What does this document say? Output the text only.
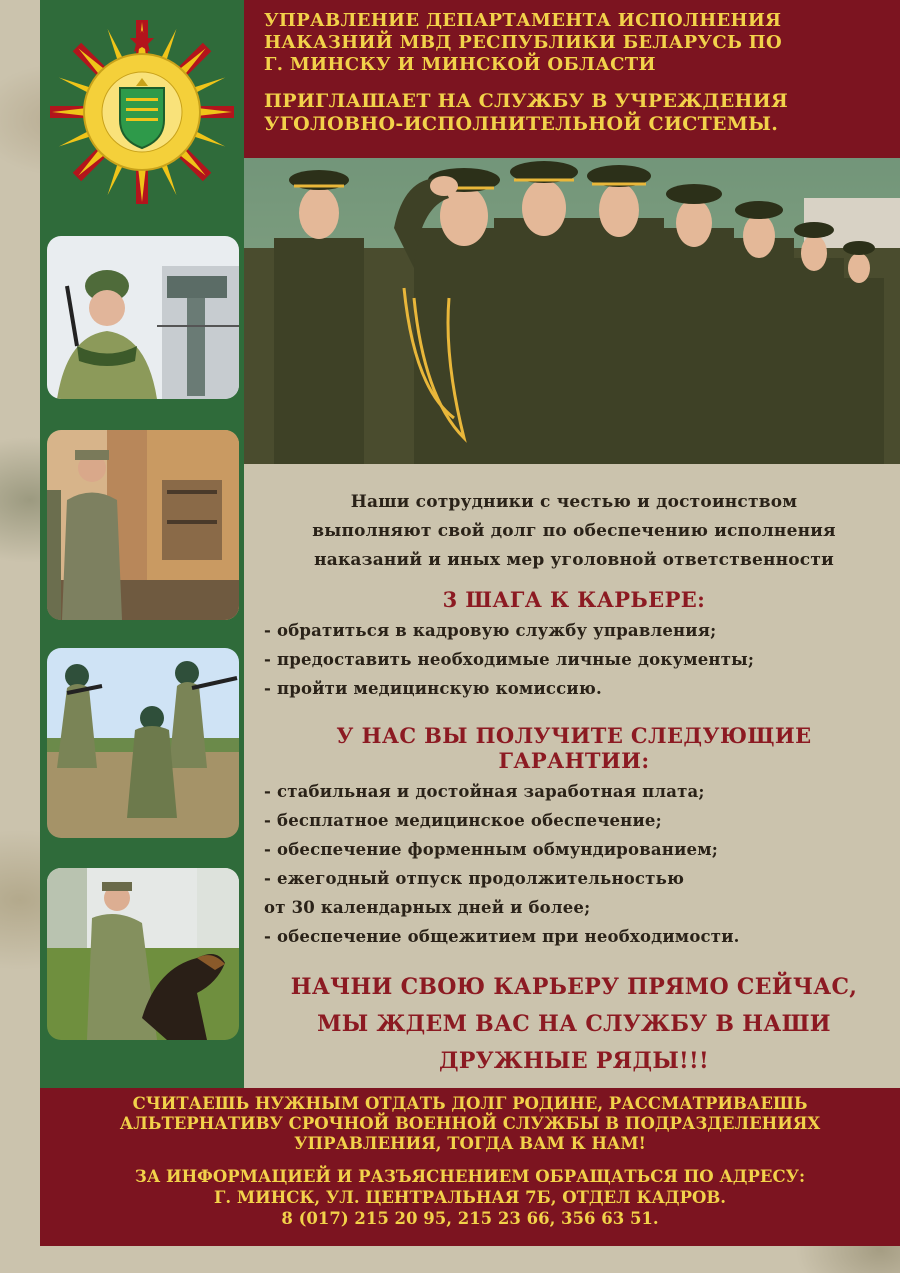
УПРАВЛЕНИЕ ДЕПАРТАМЕНТА ИСПОЛНЕНИЯ
НАКАЗНИЙ МВД РЕСПУБЛИКИ БЕЛАРУСЬ ПО
Г. МИНСКУ И МИНСКОЙ ОБЛАСТИ
ПРИГЛАШАЕТ НА СЛУЖБУ В УЧРЕЖДЕНИЯ
УГОЛОВНО-ИСПОЛНИТЕЛЬНОЙ СИСТЕМЫ.
Наши сотрудники с честью и достоинством
выполняют свой долг по обеспечению исполнения
наказаний и иных мер уголовной ответственности
3 ШАГА К КАРЬЕРЕ:
- обратиться в кадровую службу управления;
- предоставить необходимые личные документы;
- пройти медицинскую комиссию.
У НАС ВЫ ПОЛУЧИТЕ СЛЕДУЮЩИЕ ГАРАНТИИ:
- стабильная и достойная заработная плата;
- бесплатное медицинское обеспечение;
- обеспечение форменным обмундированием;
- ежегодный отпуск продолжительностью
от 30 календарных дней и более;
- обеспечение общежитием при необходимости.
НАЧНИ СВОЮ КАРЬЕРУ ПРЯМО СЕЙЧАС,
МЫ ЖДЕМ ВАС НА СЛУЖБУ В НАШИ
ДРУЖНЫЕ РЯДЫ!!!
СЧИТАЕШЬ НУЖНЫМ ОТДАТЬ ДОЛГ РОДИНЕ, РАССМАТРИВАЕШЬ
АЛЬТЕРНАТИВУ СРОЧНОЙ ВОЕННОЙ СЛУЖБЫ В ПОДРАЗДЕЛЕНИЯХ
УПРАВЛЕНИЯ, ТОГДА ВАМ К НАМ!
ЗА ИНФОРМАЦИЕЙ И РАЗЪЯСНЕНИЕМ ОБРАЩАТЬСЯ ПО АДРЕСУ:
Г. МИНСК, УЛ. ЦЕНТРАЛЬНАЯ 7Б, ОТДЕЛ КАДРОВ.
8 (017) 215 20 95, 215 23 66, 356 63 51.
